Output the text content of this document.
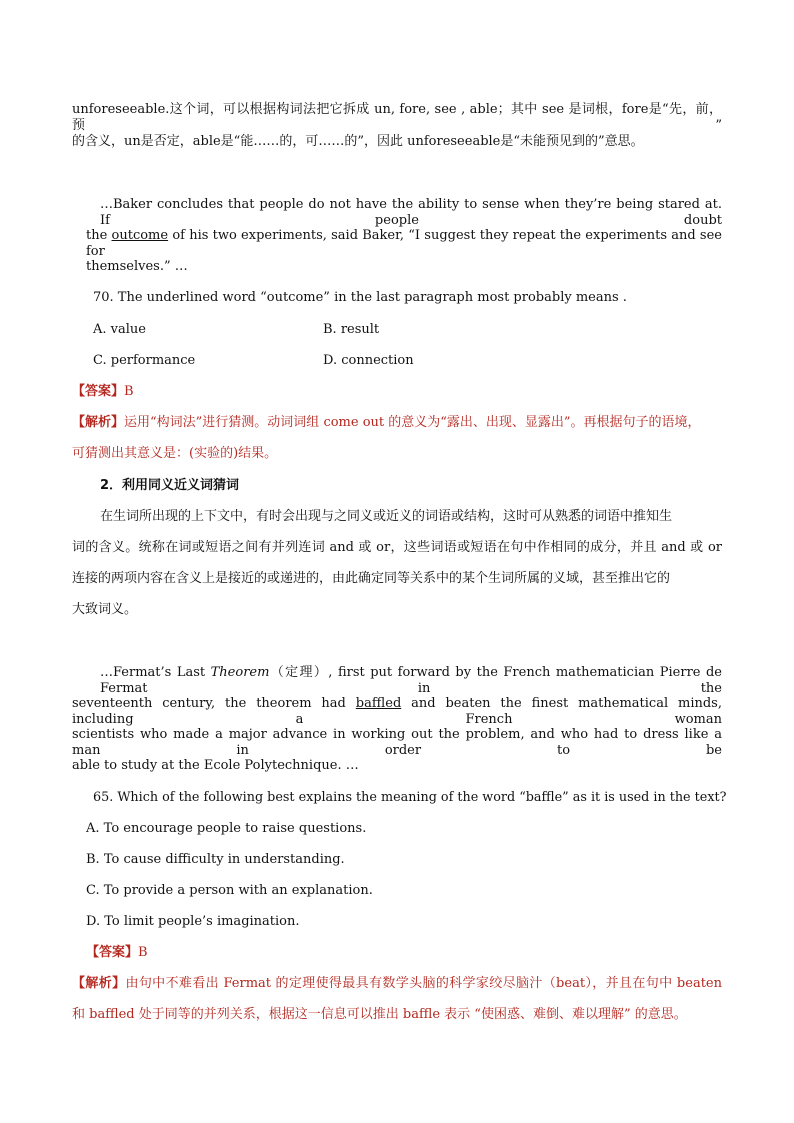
unforeseeable.这个词，可以根据构词法把它拆成 un, fore, see , able；其中 see 是词根，fore是“先，前，预”
的含义，un是否定，able是“能……的，可……的”，因此 unforeseeable是“未能预见到的”意思。
…Baker concludes that people do not have the ability to sense when they’re being stared at. If people doubt
the outcome of his two experiments, said Baker, “I suggest they repeat the experiments and see for
themselves.” …
70. The underlined word “outcome” in the last paragraph most probably means .
A. value	B. result
C. performance	D. connection
【答案】B
【解析】运用“构词法”进行猜测。动词词组 come out 的意义为“露出、出现、显露出”。再根据句子的语境，
可猜测出其意义是：(实验的)结果。
2．利用同义近义词猜词
在生词所出现的上下文中，有时会出现与之同义或近义的词语或结构，这时可从熟悉的词语中推知生
词的含义。统称在词或短语之间有并列连词 and 或 or，这些词语或短语在句中作相同的成分，并且 and 或 or
连接的两项内容在含义上是接近的或递进的，由此确定同等关系中的某个生词所属的义域，甚至推出它的
大致词义。
…Fermat’s Last Theorem（定理）, first put forward by the French mathematician Pierre de Fermat in the
seventeenth century, the theorem had baffled and beaten the finest mathematical minds, including a French woman
scientists who made a major advance in working out the problem, and who had to dress like a man in order to be
able to study at the Ecole Polytechnique. …
65. Which of the following best explains the meaning of the word “baffle” as it is used in the text?
A. To encourage people to raise questions.
B. To cause difficulty in understanding.
C. To provide a person with an explanation.
D. To limit people’s imagination.
【答案】B
【解析】由句中不难看出 Fermat 的定理使得最具有数学头脑的科学家绞尽脑汁（beat），并且在句中 beaten
和 baffled 处于同等的并列关系，根据这一信息可以推出 baffle 表示 “使困惑、难倒、难以理解” 的意思。
